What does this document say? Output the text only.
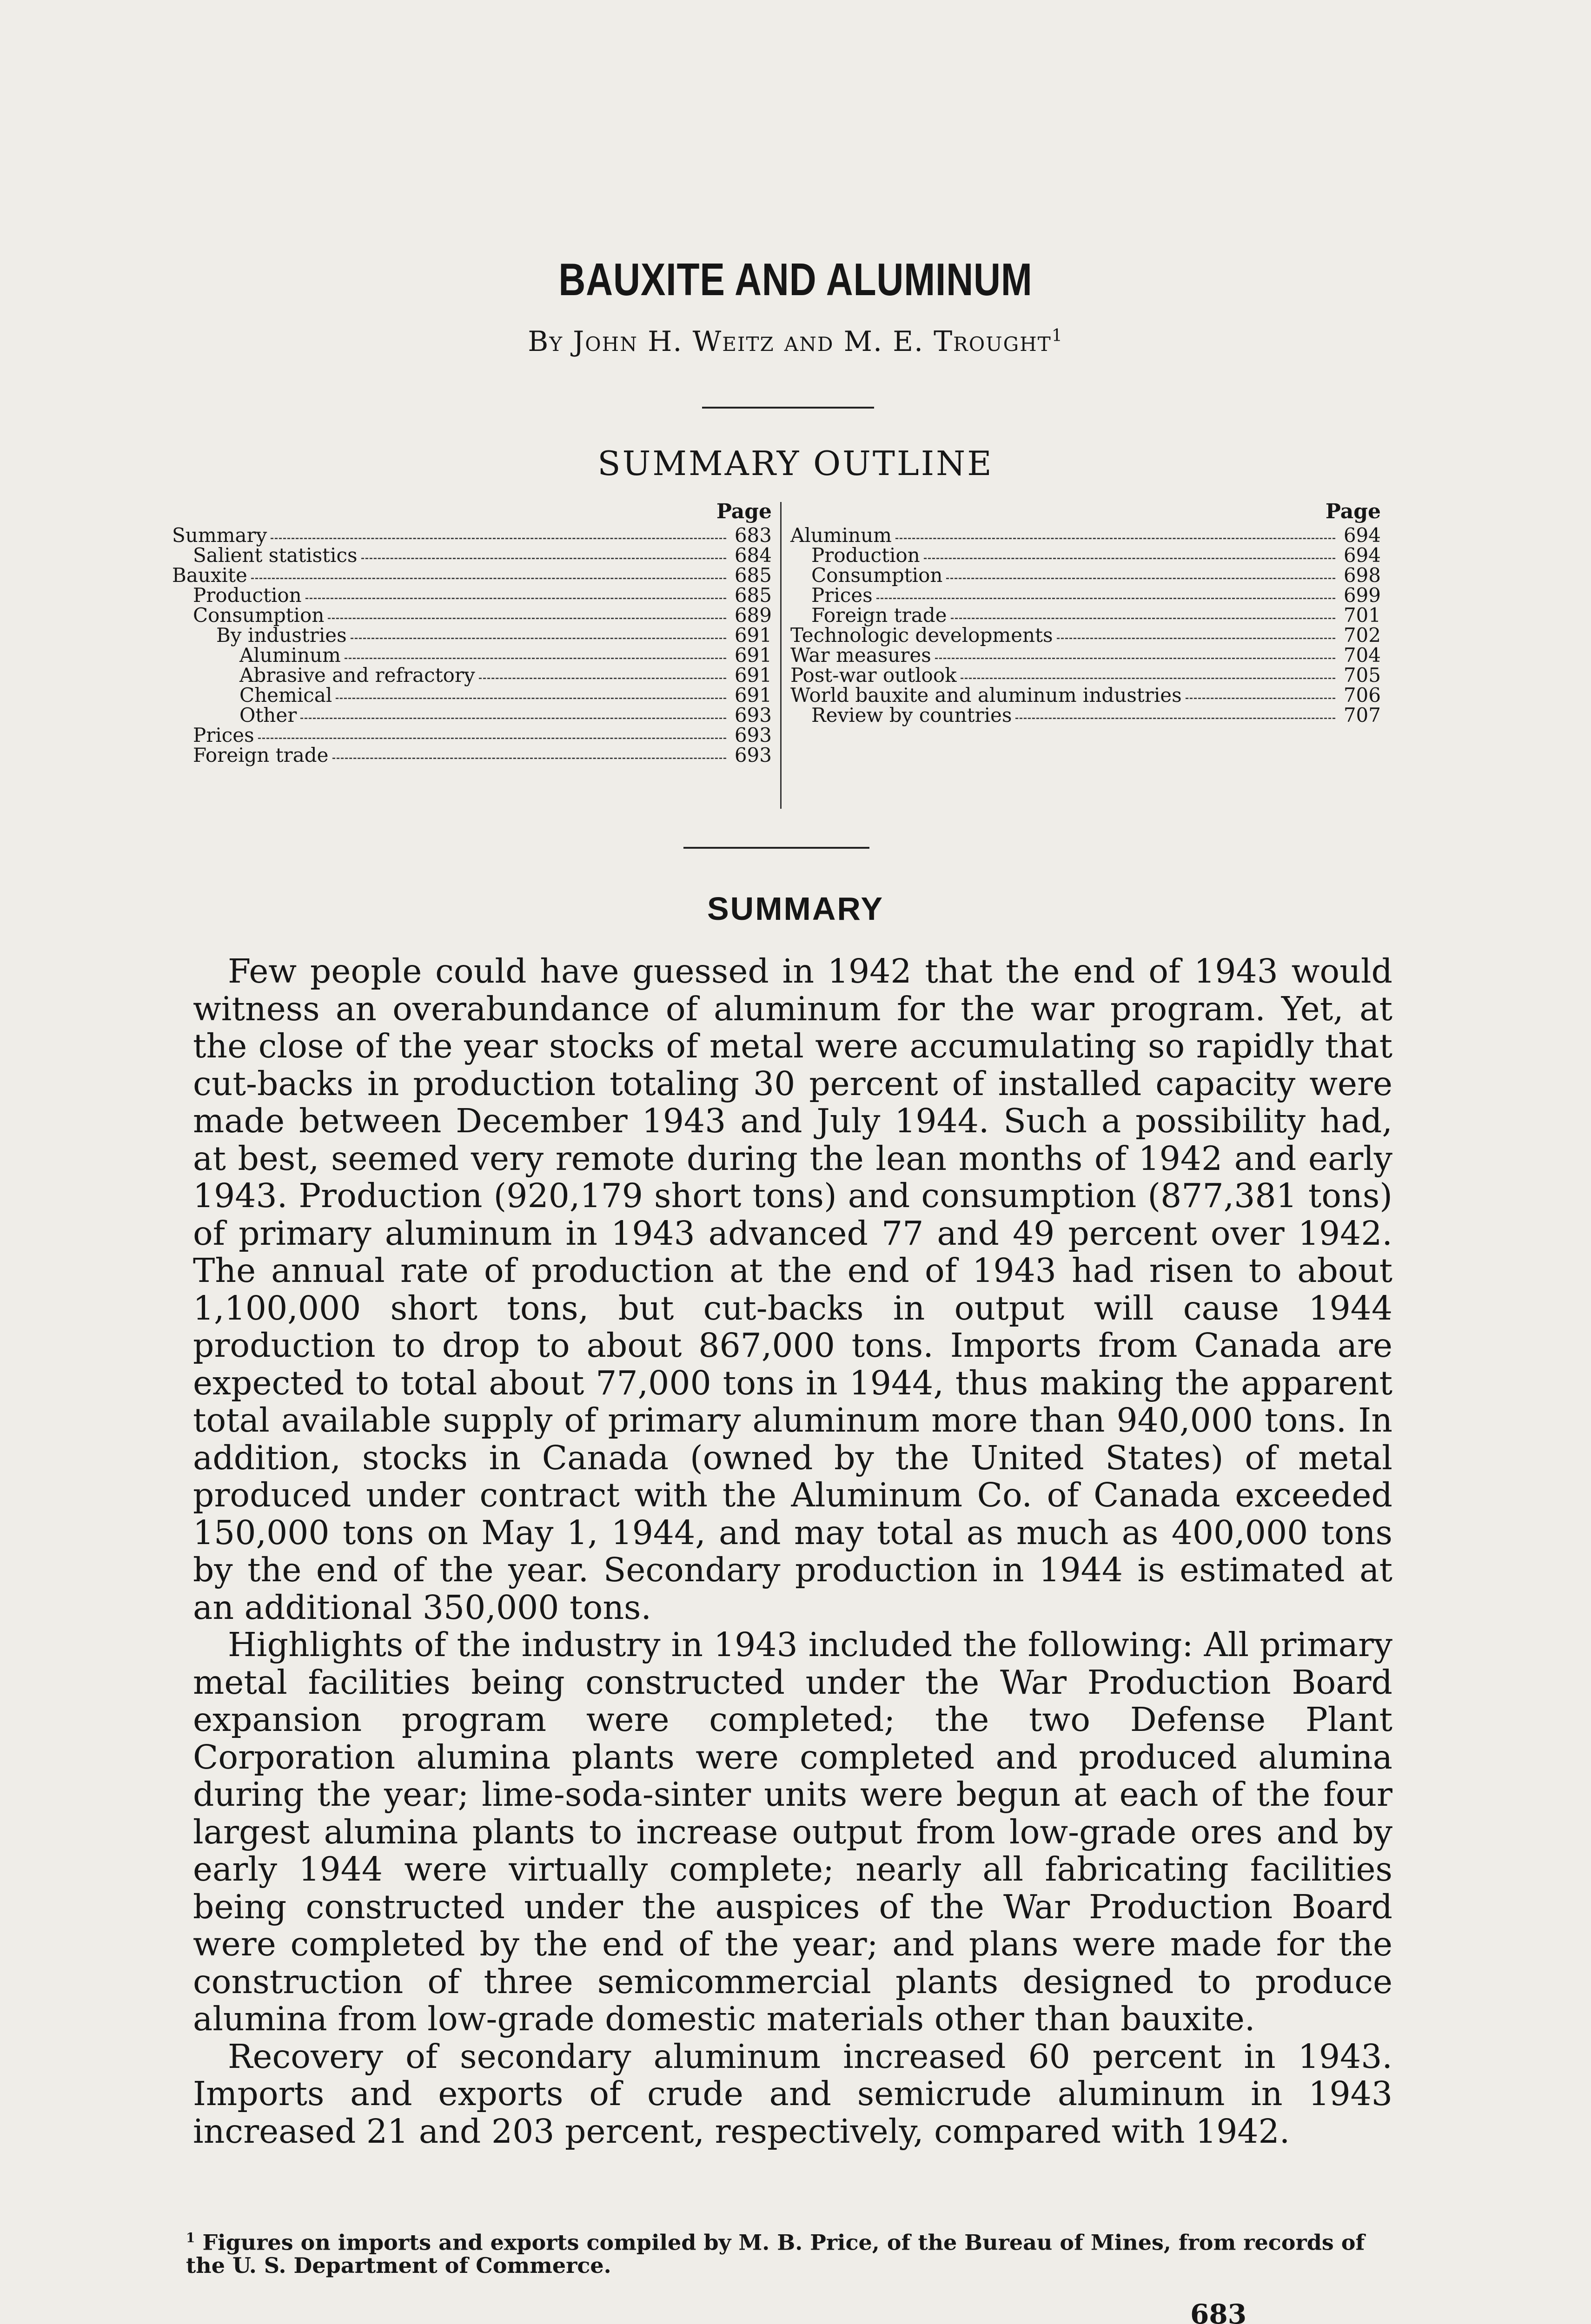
BAUXITE AND ALUMINUM
By John H. Weitz and M. E. Trought$^1$
SUMMARY OUTLINE
Page
Summary	683
Salient statistics	684
Bauxite	685
Production	685
Consumption	689
By industries	691
Aluminum	691
Abrasive and refractory	691
Chemical	691
Other	693
Prices	693
Foreign trade	693
Page
Aluminum	694
Production	694
Consumption	698
Prices	699
Foreign trade	701
Technologic developments	702
War measures	704
Post-war outlook	705
World bauxite and aluminum industries	706
Review by countries	707
SUMMARY

Few people could have guessed in 1942 that the end of 1943 would witness an overabundance of aluminum for the war program. Yet, at the close of the year stocks of metal were accumulating so rapidly that cut-backs in production totaling 30 percent of installed capacity were made between December 1943 and July 1944. Such a possibility had, at best, seemed very remote during the lean months of 1942 and early 1943. Production (920,179 short tons) and consumption (877,381 tons) of primary aluminum in 1943 advanced 77 and 49 percent over 1942. The annual rate of production at the end of 1943 had risen to about 1,100,000 short tons, but cut-backs in output will cause 1944 production to drop to about 867,000 tons. Imports from Canada are expected to total about 77,000 tons in 1944, thus making the apparent total available supply of primary aluminum more than 940,000 tons. In addition, stocks in Canada (owned by the United States) of metal produced under contract with the Aluminum Co. of Canada exceeded 150,000 tons on May 1, 1944, and may total as much as 400,000 tons by the end of the year. Secondary production in 1944 is estimated at an additional 350,000 tons.

Highlights of the industry in 1943 included the following: All primary metal facilities being constructed under the War Production Board expansion program were completed; the two Defense Plant Corporation alumina plants were completed and produced alumina during the year; lime-soda-sinter units were begun at each of the four largest alumina plants to increase output from low-grade ores and by early 1944 were virtually complete; nearly all fabricating facilities being constructed under the auspices of the War Production Board were completed by the end of the year; and plans were made for the construction of three semicommercial plants designed to produce alumina from low-grade domestic materials other than bauxite.

Recovery of secondary aluminum increased 60 percent in 1943. Imports and exports of crude and semicrude aluminum in 1943 increased 21 and 203 percent, respectively, compared with 1942.

$^1$ Figures on imports and exports compiled by M. B. Price, of the Bureau of Mines, from records of the U. S. Department of Commerce.
683
